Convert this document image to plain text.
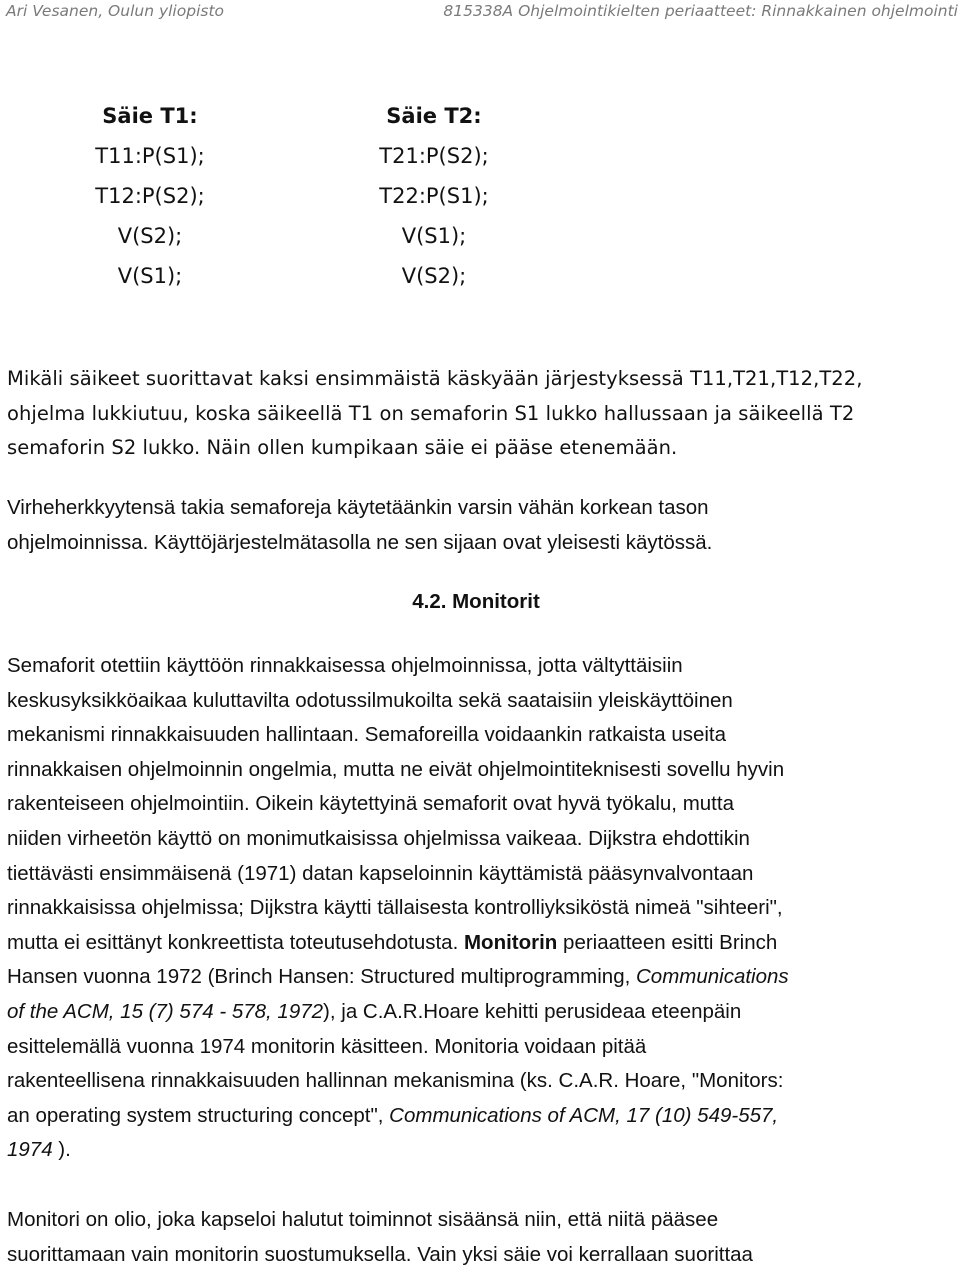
Ari Vesanen, Oulun yliopisto	815338A Ohjelmointikielten periaatteet: Rinnakkainen ohjelmointi
Säie T1:
T11:P(S1);
T12:P(S2);
V(S2);
V(S1);
Säie T2:
T21:P(S2);
T22:P(S1);
V(S1);
V(S2);

Mikäli säikeet suorittavat kaksi ensimmäistä käskyään järjestyksessä T11,T21,T12,T22,
ohjelma lukkiutuu, koska säikeellä T1 on semaforin S1 lukko hallussaan ja säikeellä T2
semaforin S2 lukko. Näin ollen kumpikaan säie ei pääse etenemään.

Virheherkkyytensä takia semaforeja käytetäänkin varsin vähän korkean tason
ohjelmoinnissa. Käyttöjärjestelmätasolla ne sen sijaan ovat yleisesti käytössä.

4.2. Monitorit

Semaforit otettiin käyttöön rinnakkaisessa ohjelmoinnissa, jotta vältyttäisiin
keskusyksikköaikaa kuluttavilta odotussilmukoilta sekä saataisiin yleiskäyttöinen
mekanismi rinnakkaisuuden hallintaan. Semaforeilla voidaankin ratkaista useita
rinnakkaisen ohjelmoinnin ongelmia, mutta ne eivät ohjelmointiteknisesti sovellu hyvin
rakenteiseen ohjelmointiin. Oikein käytettyinä semaforit ovat hyvä työkalu, mutta
niiden virheetön käyttö on monimutkaisissa ohjelmissa vaikeaa. Dijkstra ehdottikin
tiettävästi ensimmäisenä (1971) datan kapseloinnin käyttämistä pääsynvalvontaan
rinnakkaisissa ohjelmissa; Dijkstra käytti tällaisesta kontrolliyksiköstä nimeä "sihteeri",
mutta ei esittänyt konkreettista toteutusehdotusta. Monitorin periaatteen esitti Brinch
Hansen vuonna 1972 (Brinch Hansen: Structured multiprogramming, Communications
of the ACM, 15 (7) 574 - 578, 1972), ja C.A.R.Hoare kehitti perusideaa eteenpäin
esittelemällä vuonna 1974 monitorin käsitteen. Monitoria voidaan pitää
rakenteellisena rinnakkaisuuden hallinnan mekanismina (ks. C.A.R. Hoare, "Monitors:
an operating system structuring concept", Communications of ACM, 17 (10) 549-557,
1974 ).

Monitori on olio, joka kapseloi halutut toiminnot sisäänsä niin, että niitä pääsee
suorittamaan vain monitorin suostumuksella. Vain yksi säie voi kerrallaan suorittaa
